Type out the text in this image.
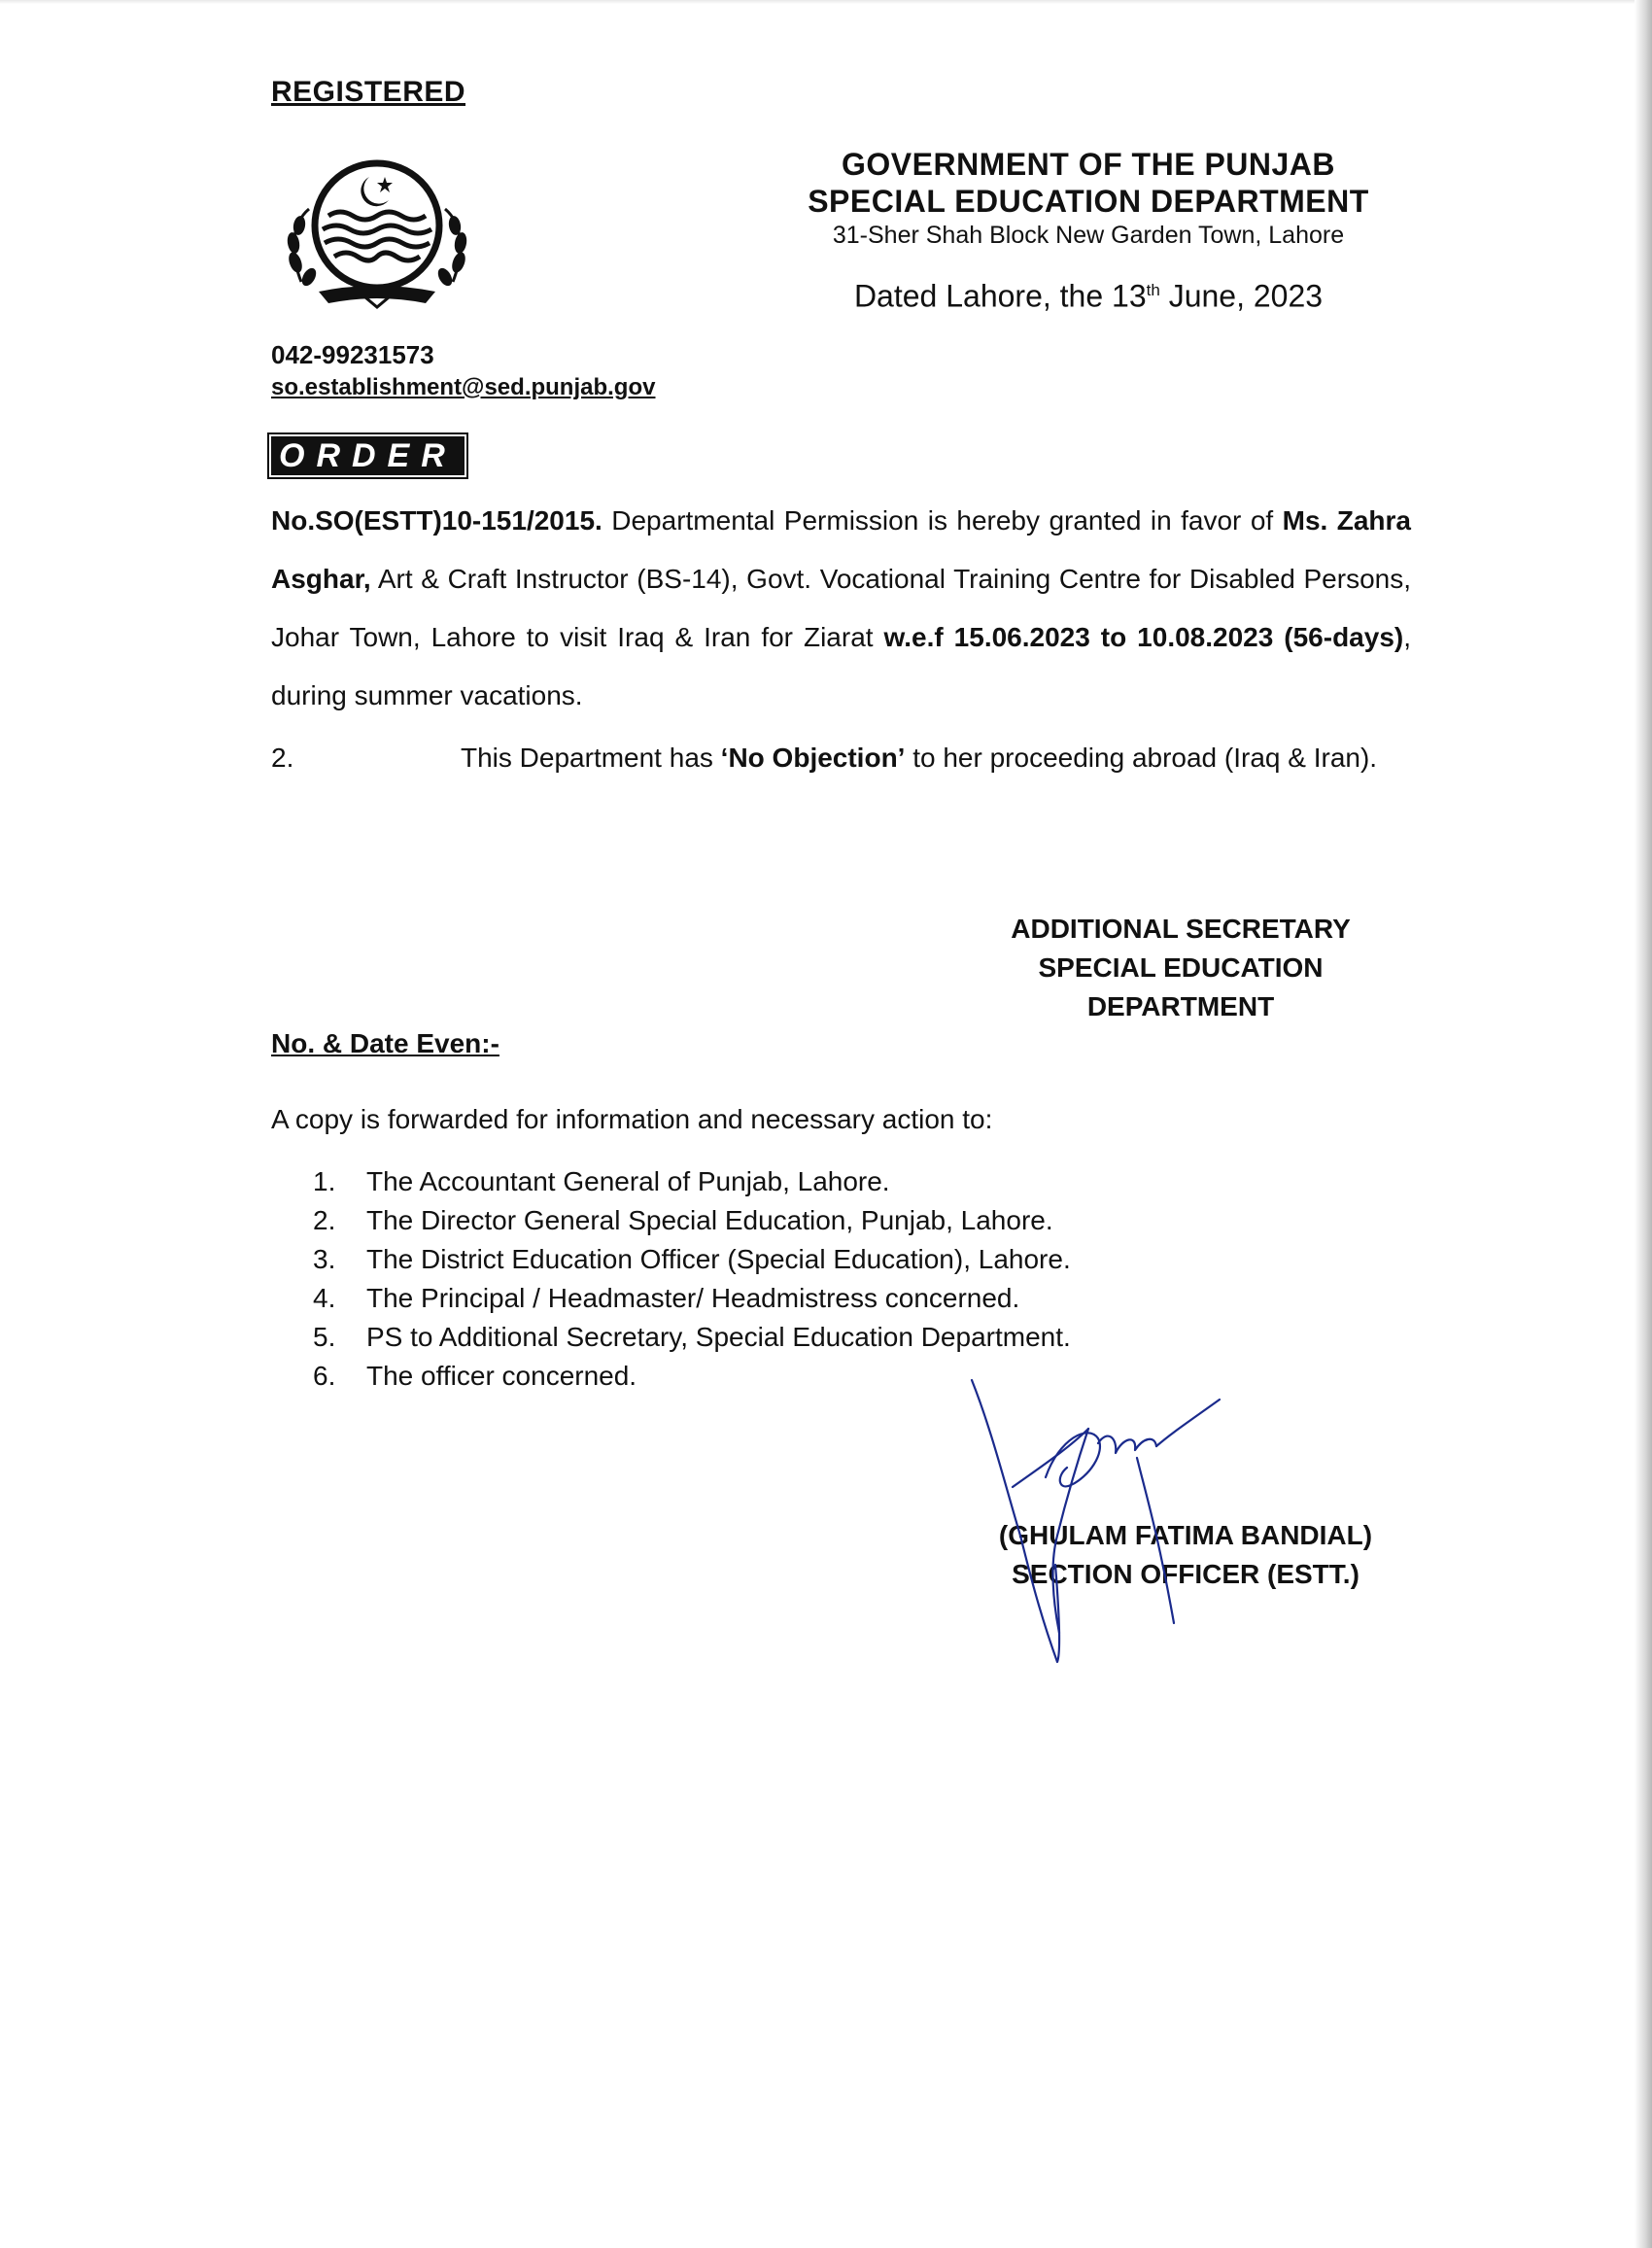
REGISTERED
GOVERNMENT OF THE PUNJAB
SPECIAL EDUCATION DEPARTMENT
31-Sher Shah Block New Garden Town, Lahore
Dated Lahore, the 13th June, 2023
042-99231573
so.establishment@sed.punjab.gov
ORDER
No.SO(ESTT)10-151/2015. Departmental Permission is hereby granted in favor of Ms. Zahra Asghar, Art & Craft Instructor (BS-14), Govt. Vocational Training Centre for Disabled Persons, Johar Town, Lahore to visit Iraq & Iran for Ziarat w.e.f 15.06.2023 to 10.08.2023 (56-days), during summer vacations.
2.	This Department has ‘No Objection’ to her proceeding abroad (Iraq & Iran).
ADDITIONAL SECRETARY
SPECIAL EDUCATION
DEPARTMENT
No. & Date Even:-
A copy is forwarded for information and necessary action to:
1.	The Accountant General of Punjab, Lahore.
2.	The Director General Special Education, Punjab, Lahore.
3.	The District Education Officer (Special Education), Lahore.
4.	The Principal / Headmaster/ Headmistress concerned.
5.	PS to Additional Secretary, Special Education Department.
6.	The officer concerned.
(GHULAM FATIMA BANDIAL)
SECTION OFFICER (ESTT.)
